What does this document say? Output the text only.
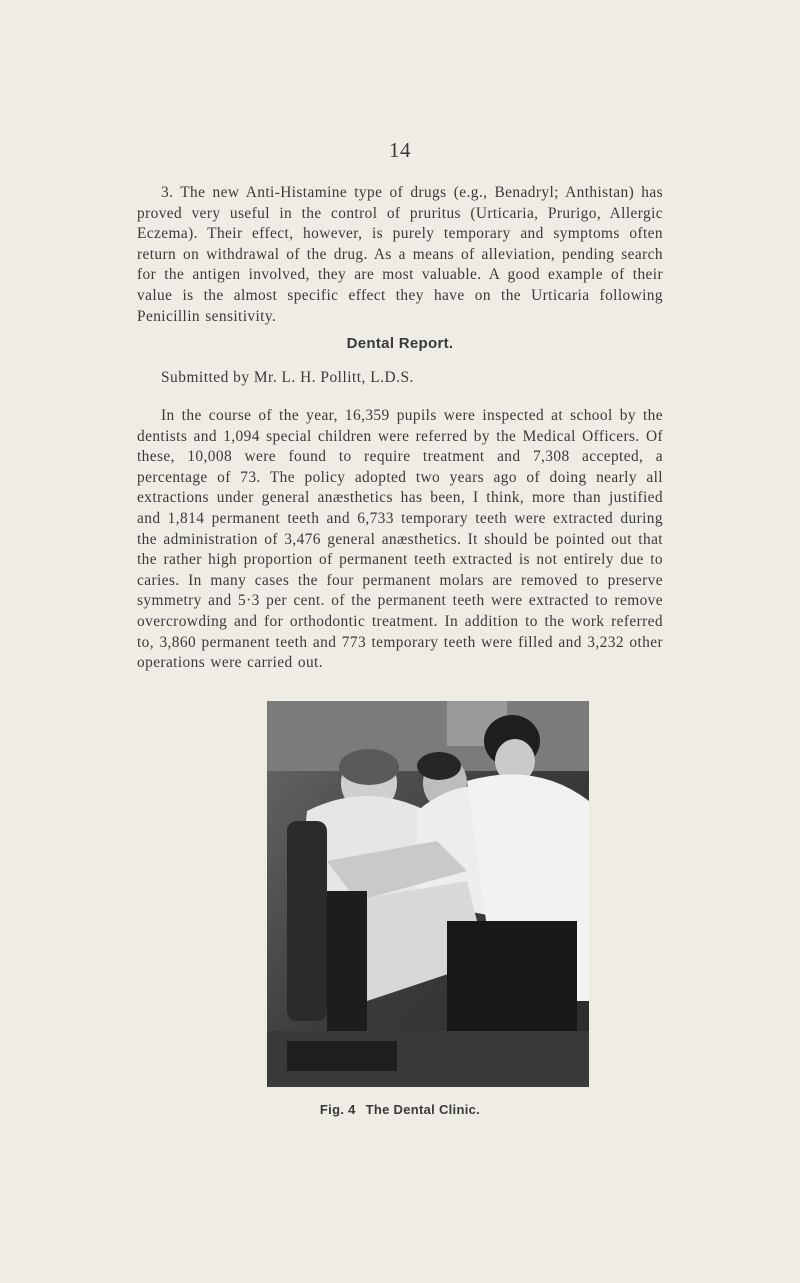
14

3. The new Anti-Histamine type of drugs (e.g., Benadryl; Anthistan) has proved very useful in the control of pruritus (Urticaria, Prurigo, Allergic Eczema). Their effect, however, is purely temporary and symptoms often return on withdrawal of the drug. As a means of alleviation, pending search for the antigen involved, they are most valuable. A good example of their value is the almost specific effect they have on the Urticaria following Penicillin sensitivity.

Dental Report.

Submitted by Mr. L. H. Pollitt, L.D.S.

In the course of the year, 16,359 pupils were inspected at school by the dentists and 1,094 special children were referred by the Medical Officers. Of these, 10,008 were found to require treatment and 7,308 accepted, a percentage of 73. The policy adopted two years ago of doing nearly all extractions under general anæsthetics has been, I think, more than justified and 1,814 permanent teeth and 6,733 temporary teeth were extracted during the administration of 3,476 general anæsthetics. It should be pointed out that the rather high proportion of permanent teeth extracted is not entirely due to caries. In many cases the four permanent molars are removed to preserve symmetry and 5·3 per cent. of the permanent teeth were extracted to remove overcrowding and for orthodontic treatment. In addition to the work referred to, 3,860 permanent teeth and 773 temporary teeth were filled and 3,232 other operations were carried out.

Fig. 4 The Dental Clinic.
